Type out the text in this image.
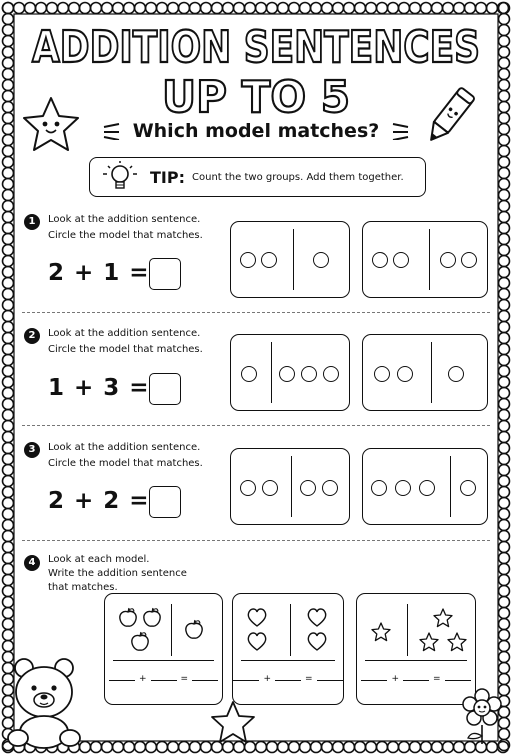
ADDITION SENTENCES
UP TO 5
Which model matches?
TIP: Count the two groups. Add them together.
1	Look at the addition sentence.
Circle the model that matches.
2 + 1 =
2	Look at the addition sentence.
Circle the model that matches.
1 + 3 =
3	Look at the addition sentence.
Circle the model that matches.
2 + 2 =
4	Look at each model.
Write the addition sentence
that matches.
+	=	+	=	+	=
